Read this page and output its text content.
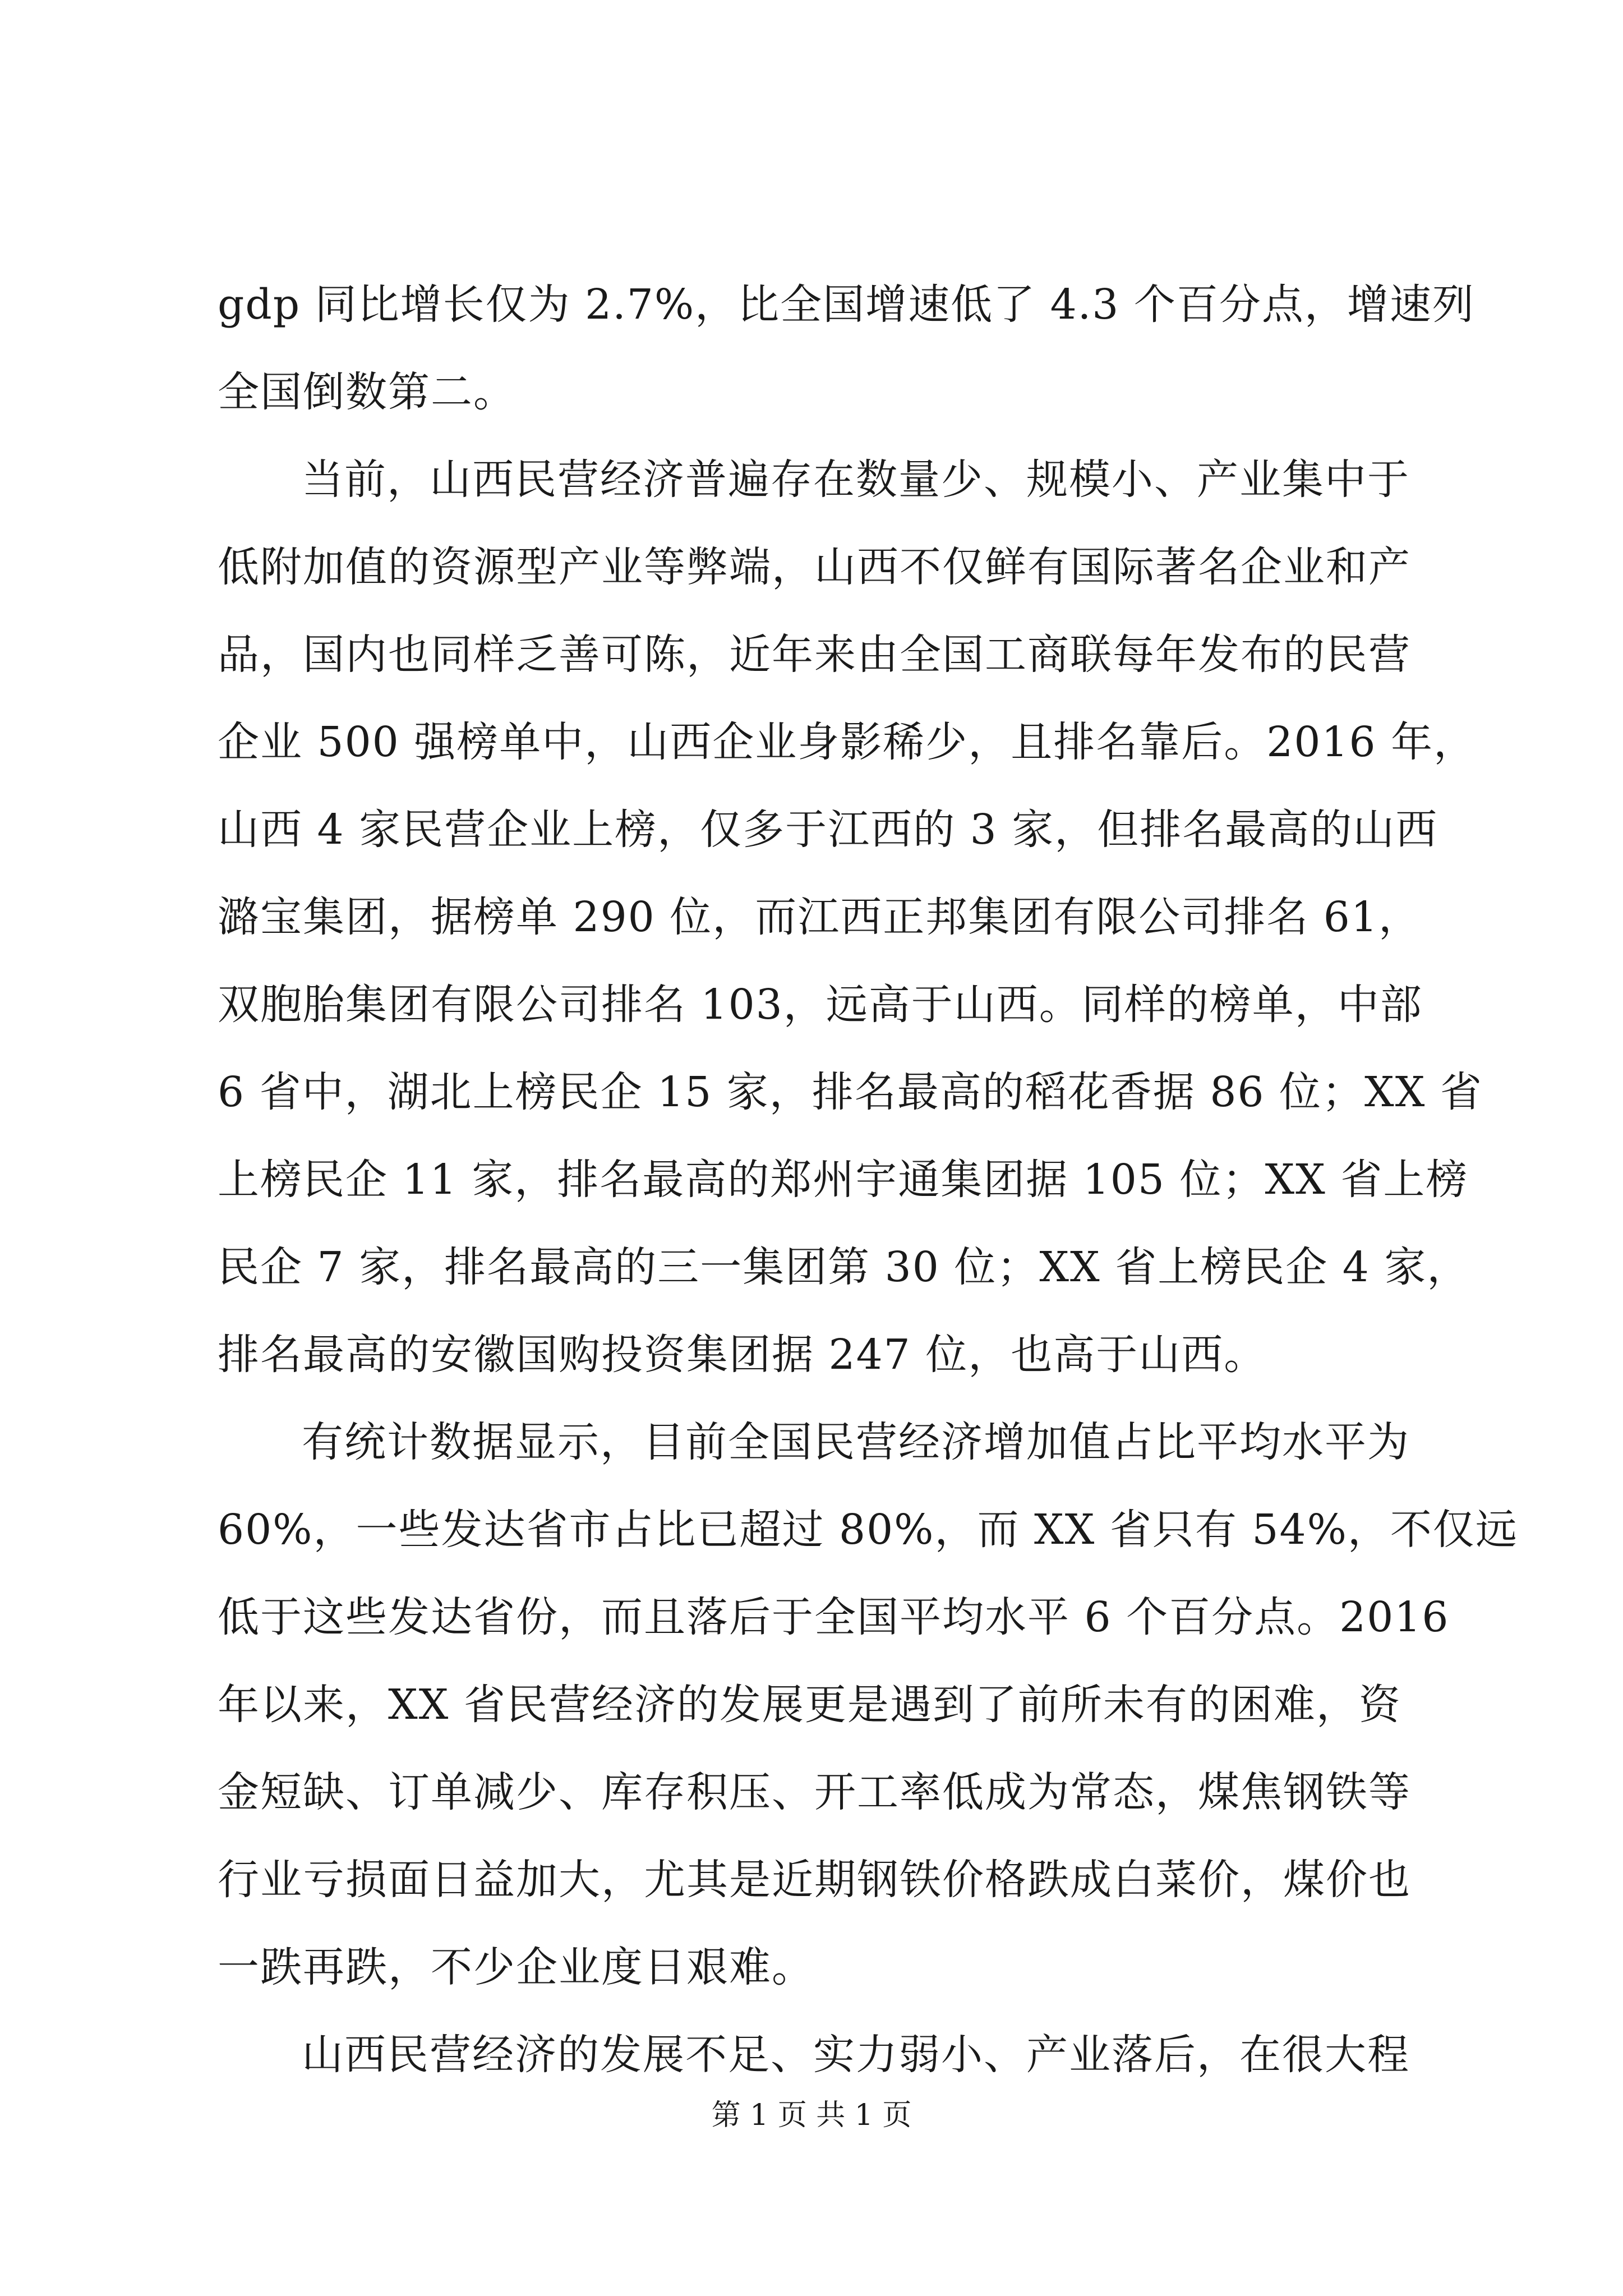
gdp 同比增长仅为 2.7%，比全国增速低了 4.3 个百分点，增速列
全国倒数第二。
当前，山西民营经济普遍存在数量少、规模小、产业集中于
低附加值的资源型产业等弊端，山西不仅鲜有国际著名企业和产
品，国内也同样乏善可陈，近年来由全国工商联每年发布的民营
企业 500 强榜单中，山西企业身影稀少，且排名靠后。2016 年，
山西 4 家民营企业上榜，仅多于江西的 3 家，但排名最高的山西
潞宝集团，据榜单 290 位，而江西正邦集团有限公司排名 61，
双胞胎集团有限公司排名 103，远高于山西。同样的榜单，中部
6 省中，湖北上榜民企 15 家，排名最高的稻花香据 86 位；XX 省
上榜民企 11 家，排名最高的郑州宇通集团据 105 位；XX 省上榜
民企 7 家，排名最高的三一集团第 30 位；XX 省上榜民企 4 家，
排名最高的安徽国购投资集团据 247 位，也高于山西。
有统计数据显示，目前全国民营经济增加值占比平均水平为
60%，一些发达省市占比已超过 80%，而 XX 省只有 54%，不仅远
低于这些发达省份，而且落后于全国平均水平 6 个百分点。2016
年以来，XX 省民营经济的发展更是遇到了前所未有的困难，资
金短缺、订单减少、库存积压、开工率低成为常态，煤焦钢铁等
行业亏损面日益加大，尤其是近期钢铁价格跌成白菜价，煤价也
一跌再跌，不少企业度日艰难。
山西民营经济的发展不足、实力弱小、产业落后，在很大程
第 1 页 共 1 页
